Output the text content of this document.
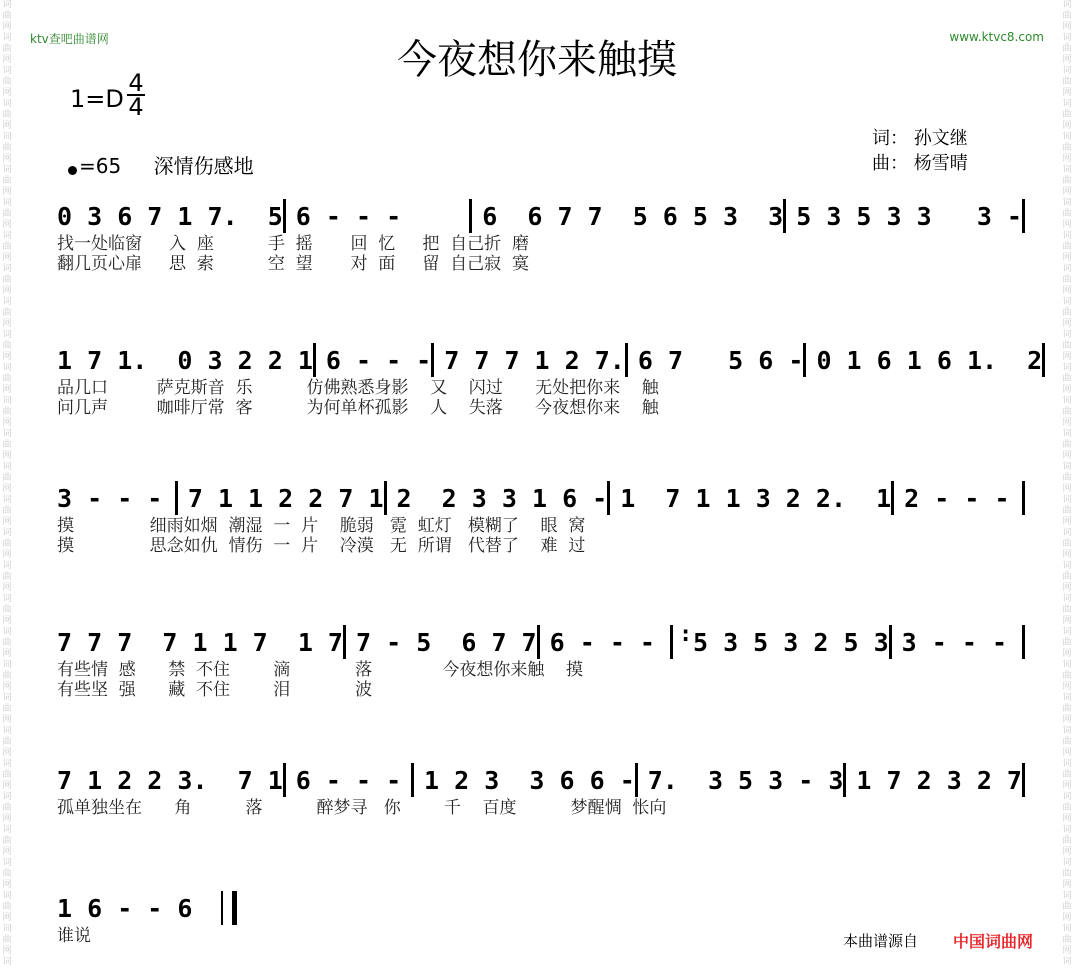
词
曲
网
词
曲
网
词
曲
网
词
曲
网
词
曲
网
词
曲
网
词
曲
网
词
曲
网
词
曲
网
词
曲
网
词
曲
网
词
曲
网
词
曲
网
词
曲
网
词
曲
网
词
曲
网
词
曲
网
词
曲
网
词
曲
网
词
曲
网
词
曲
网
词
曲
网
词
曲
网
词
曲
网
词
曲
网
词
曲
网
词
曲
网
词
曲
网
词
曲
网
词
词
曲
网
词
曲
网
词
曲
网
词
曲
网
词
曲
网
词
曲
网
词
曲
网
词
曲
网
词
曲
网
词
曲
网
词
曲
网
词
曲
网
词
曲
网
词
曲
网
词
曲
网
词
曲
网
词
曲
网
词
曲
网
词
曲
网
词
曲
网
词
曲
网
词
曲
网
词
曲
网
词
曲
网
词
曲
网
词
曲
网
词
曲
网
词
曲
网
词
曲
网
词
ktv查吧曲谱网	www.ktvc8.com
今夜想你来触摸
1=D
4
4
=65 深情伤感地
词： 孙文继
曲： 杨雪晴
0 3 6 7 1 7.  5 6 - - -	6  6 7 7  5 6 5 3  3 5 3 5 3 3   3 -
找一处临窗     入  座          手  摇       回  忆     把  自己折  磨
翻几页心扉     思  索          空  望       对  面     留  自己寂  寞
1 7 1.  0 3 2 2 1 6 - - - 7 7 7 1 2 7. 6 7   5 6 - 0 1 6 1 6 1.  2
品几口         萨克斯音  乐          仿佛熟悉身影    又    闪过      无处把你来    触
问几声         咖啡厅常  客          为何单杯孤影    人    失落      今夜想你来    触
3 - - -	7 1 1 2 2 7 1 2  2 3 3 1 6 - 1  7 1 1 3 2 2.  1 2 - - -
摸              细雨如烟  潮湿  一  片    脆弱   霓  虹灯   模糊了    眼  窝
摸              思念如仇  情伤  一  片    冷漠   无  所谓   代替了    难  过
7 7 7  7 1 1 7  1 7 7 - 5  6 7 7 6 - - -
:	5 3 5 3 2 5 3 3 - - -
有些情  感      禁  不住        滴            落             今夜想你来触    摸
有些坚  强      藏  不住        泪            波
7 1 2 2 3.  7 1 6 - - - 1 2 3  3 6 6 - 7.  3 5 3 - 3 1 7 2 3 2 7
孤单独坐在      角          落          醉梦寻   你        千    百度          梦醒惆  怅向
1 6 - - 6
谁说	本曲谱源自 中国词曲网
